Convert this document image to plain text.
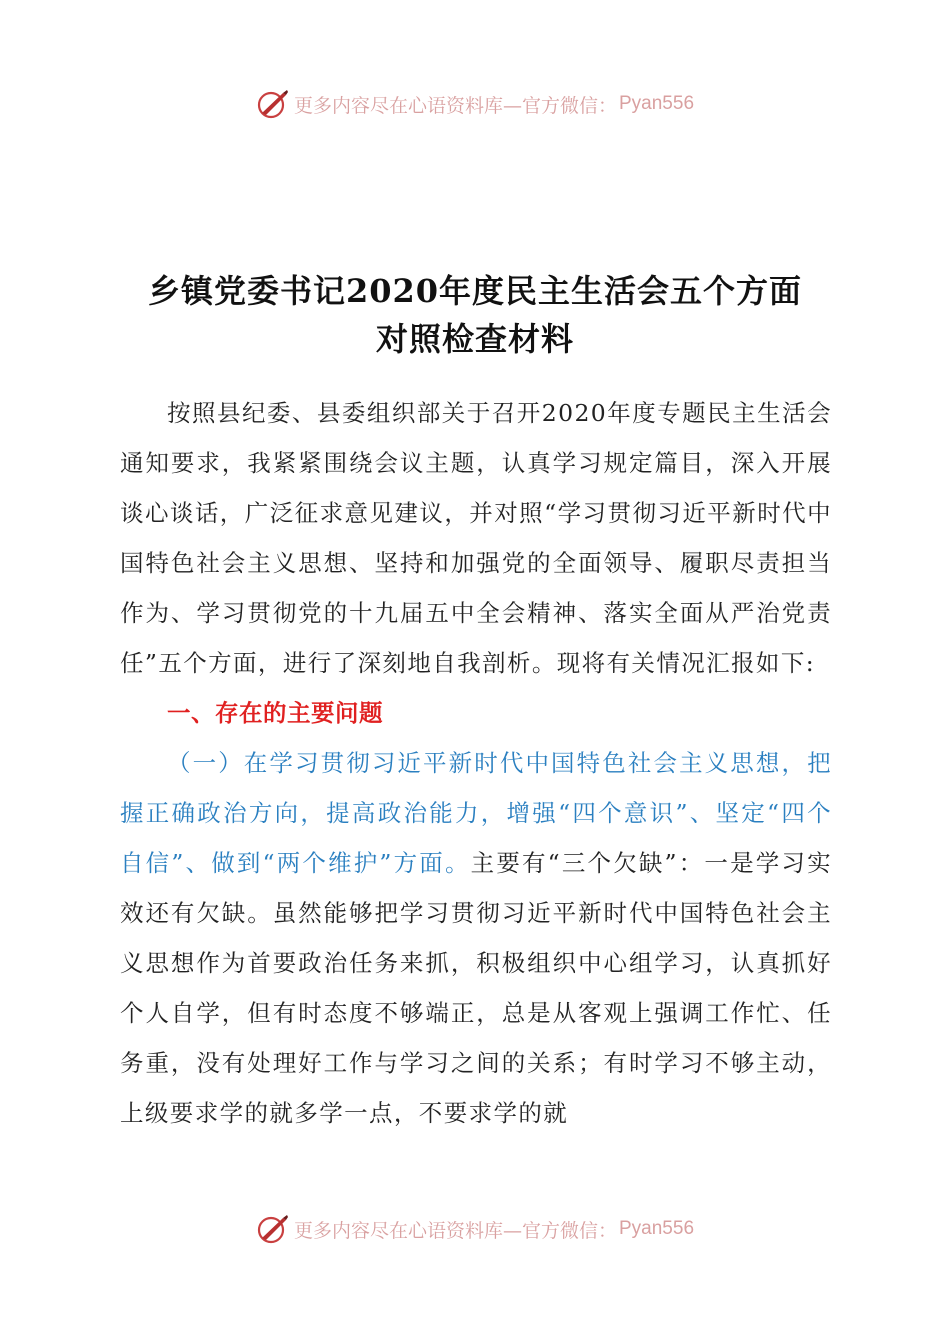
更多内容尽在心语资料库—官方微信： Pyan556
乡镇党委书记2020年度民主生活会五个方面
对照检查材料

按照县纪委、县委组织部关于召开2020年度专题民主生活会通知要求，我紧紧围绕会议主题，认真学习规定篇目，深入开展谈心谈话，广泛征求意见建议，并对照“学习贯彻习近平新时代中国特色社会主义思想、坚持和加强党的全面领导、履职尽责担当作为、学习贯彻党的十九届五中全会精神、落实全面从严治党责任”五个方面，进行了深刻地自我剖析。现将有关情况汇报如下:

一、存在的主要问题

（一）在学习贯彻习近平新时代中国特色社会主义思想，把握正确政治方向，提高政治能力，增强“四个意识”、坚定“四个自信”、做到“两个维护”方面。主要有“三个欠缺”：一是学习实效还有欠缺。虽然能够把学习贯彻习近平新时代中国特色社会主义思想作为首要政治任务来抓，积极组织中心组学习，认真抓好个人自学，但有时态度不够端正，总是从客观上强调工作忙、任务重，没有处理好工作与学习之间的关系；有时学习不够主动，上级要求学的就多学一点，不要求学的就

更多内容尽在心语资料库—官方微信： Pyan556
